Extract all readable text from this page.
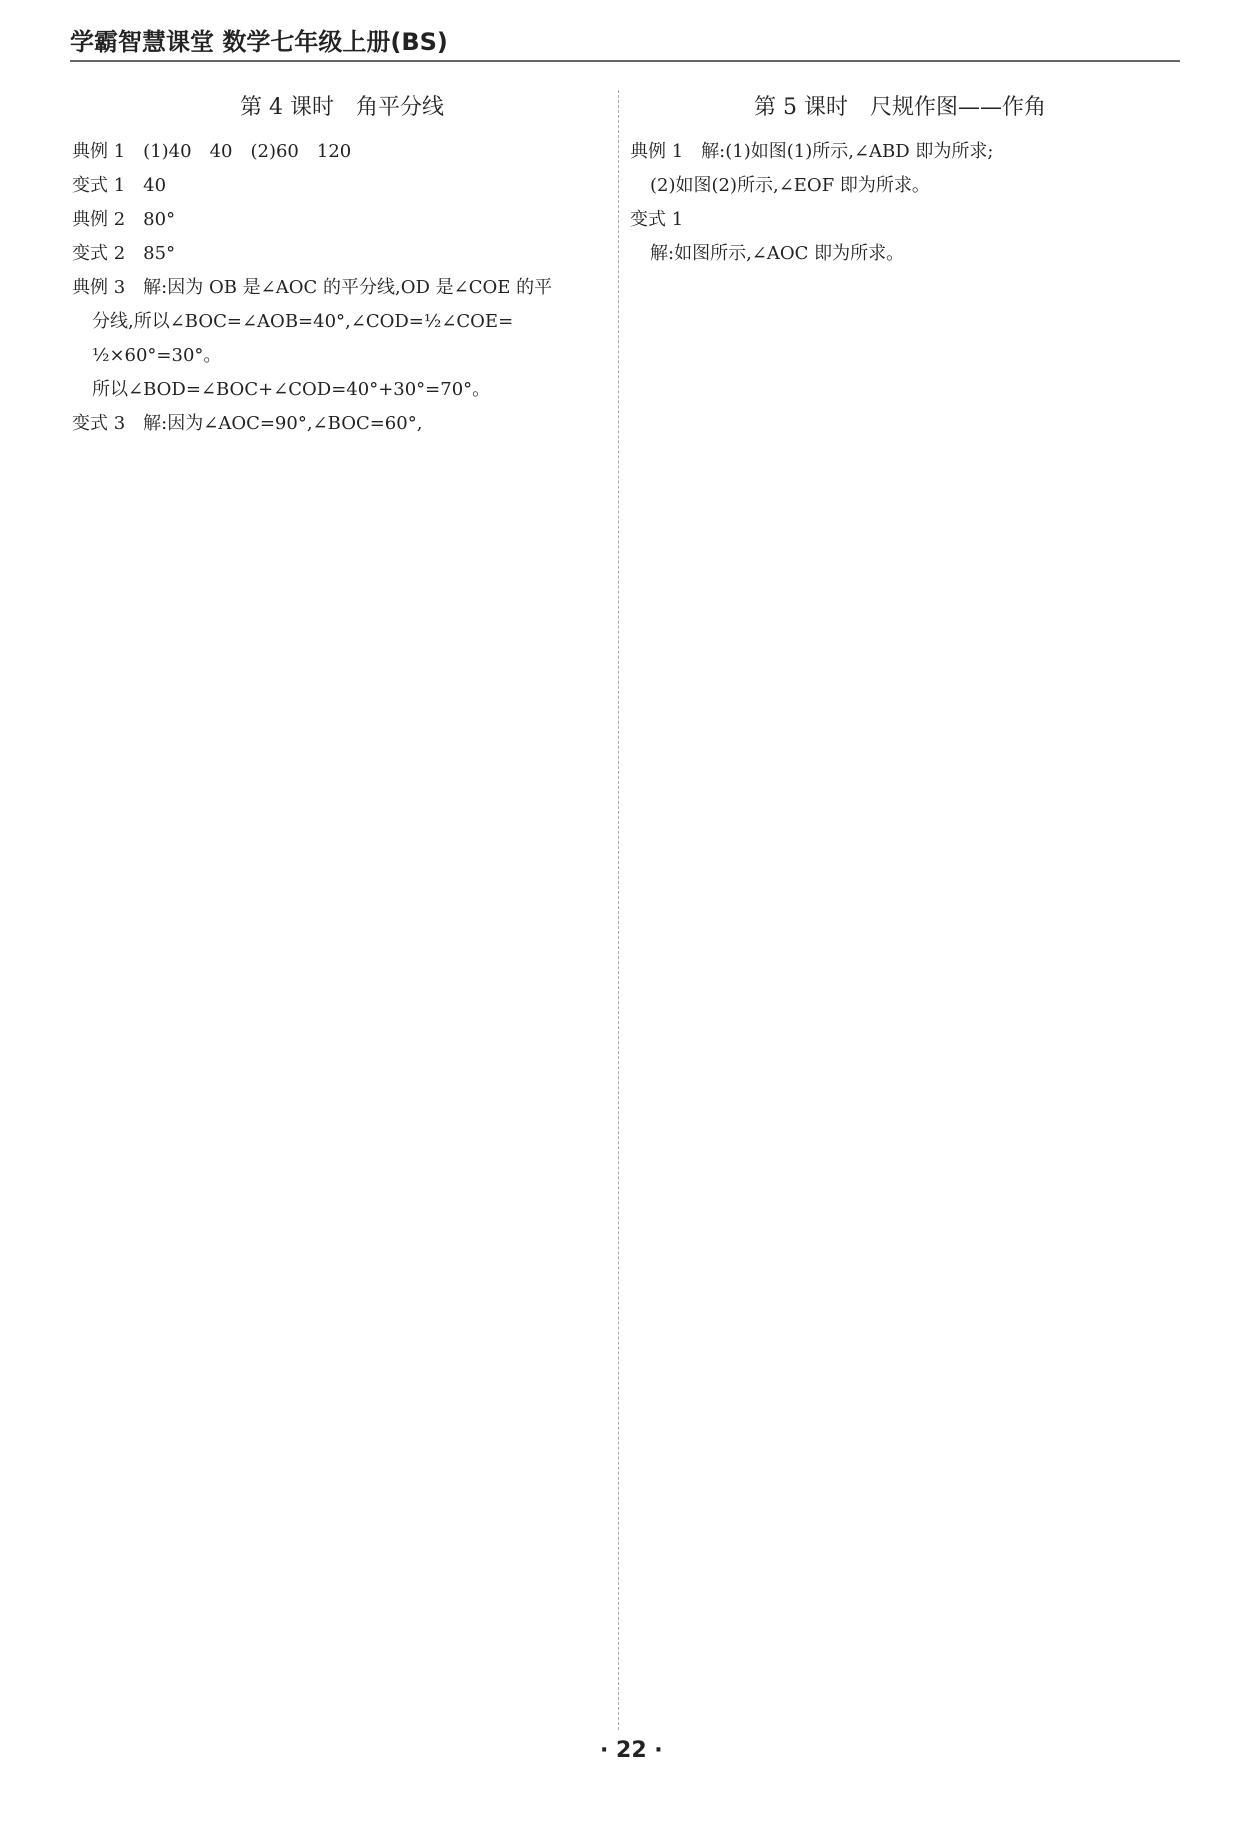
学霸智慧课堂 数学七年级上册(BS)
第 4 课时　角平分线
典例 1　(1)40　40　(2)60　120
变式 1　40
典例 2　80°
变式 2　85°
典例 3　解:因为 OB 是∠AOC 的平分线,OD 是∠COE 的平
分线,所以∠BOC=∠AOB=40°,∠COD=½∠COE=
½×60°=30°。
所以∠BOD=∠BOC+∠COD=40°+30°=70°。
变式 3　解:因为∠AOC=90°,∠BOC=60°,
第 5 课时　尺规作图——作角
典例 1　解:(1)如图(1)所示,∠ABD 即为所求;
(2)如图(2)所示,∠EOF 即为所求。
变式 1
解:如图所示,∠AOC 即为所求。
· 22 ·
